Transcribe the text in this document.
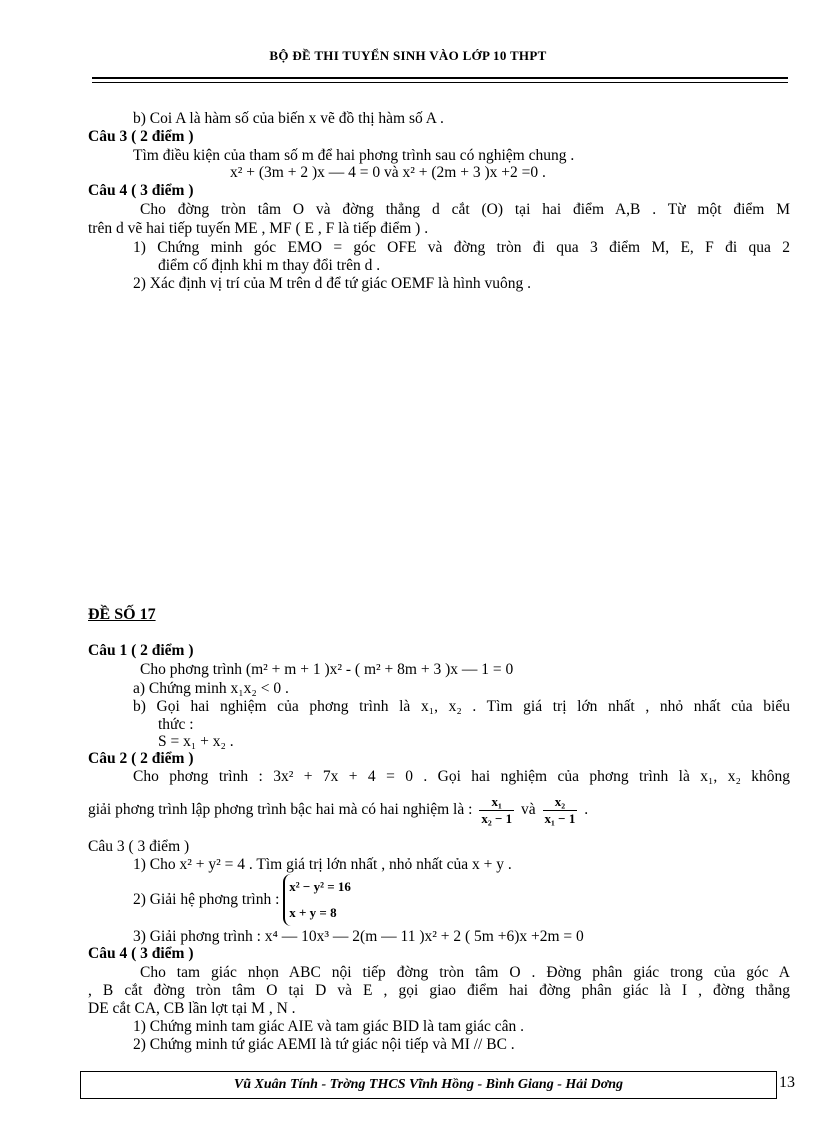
BỘ ĐỀ THI TUYỂN SINH VÀO LỚP 10 THPT
b) Coi A là hàm số của biến x vẽ đồ thị hàm số A .
Câu 3 ( 2 điểm )
Tìm điều kiện của tham số m để hai phơng trình sau có nghiệm chung .
x² + (3m + 2 )x — 4 = 0 và x² + (2m + 3 )x +2 =0 .
Câu 4 ( 3 điểm )
Cho đờng tròn tâm O và đờng thẳng d cắt (O) tại hai điểm A,B . Từ một điểm M
trên d vẽ hai tiếp tuyến ME , MF ( E , F là tiếp điểm ) .
1) Chứng minh góc EMO = góc OFE và đờng tròn đi qua 3 điểm M, E, F đi qua 2
điểm cố định khi m thay đổi trên d .
2) Xác định vị trí của M trên d để tứ giác OEMF là hình vuông .
ĐỀ SỐ 17
Câu 1 ( 2 điểm )
Cho phơng trình (m² + m + 1 )x² - ( m² + 8m + 3 )x — 1 = 0
a) Chứng minh x₁x₂ < 0 .
b) Gọi hai nghiệm của phơng trình là x₁, x₂ . Tìm giá trị lớn nhất , nhỏ nhất của biểu
thức :
S = x₁ + x₂ .
Câu 2 ( 2 điểm )
Cho phơng trình : 3x² + 7x + 4 = 0 . Gọi hai nghiệm của phơng trình là x₁, x₂ không
giải phơng trình lập phơng trình bậc hai mà có hai nghiệm là : $\frac{\text{x₁}}{\text{x₂ − 1}}$ và $\frac{\text{x₂}}{\text{x₁ − 1}}$ .
Câu 3 ( 3 điểm )
1) Cho x² + y² = 4 . Tìm giá trị lớn nhất , nhỏ nhất của x + y .
2) Giải hệ phơng trình :
x² − y² = 16
x + y = 8
3) Giải phơng trình : x⁴ — 10x³ — 2(m — 11 )x² + 2 ( 5m +6)x +2m = 0
Câu 4 ( 3 điểm )
Cho tam giác nhọn ABC nội tiếp đờng tròn tâm O . Đờng phân giác trong của góc A
, B cắt đờng tròn tâm O tại D và E , gọi giao điểm hai đờng phân giác là I , đờng thẳng
DE cắt CA, CB lần lợt tại M , N .
1) Chứng minh tam giác AIE và tam giác BID là tam giác cân .
2) Chứng minh tứ giác AEMI là tứ giác nội tiếp và MI // BC .
Vũ Xuân Tính - Trờng THCS Vĩnh Hồng - Bình Giang - Hải Dơng	13
